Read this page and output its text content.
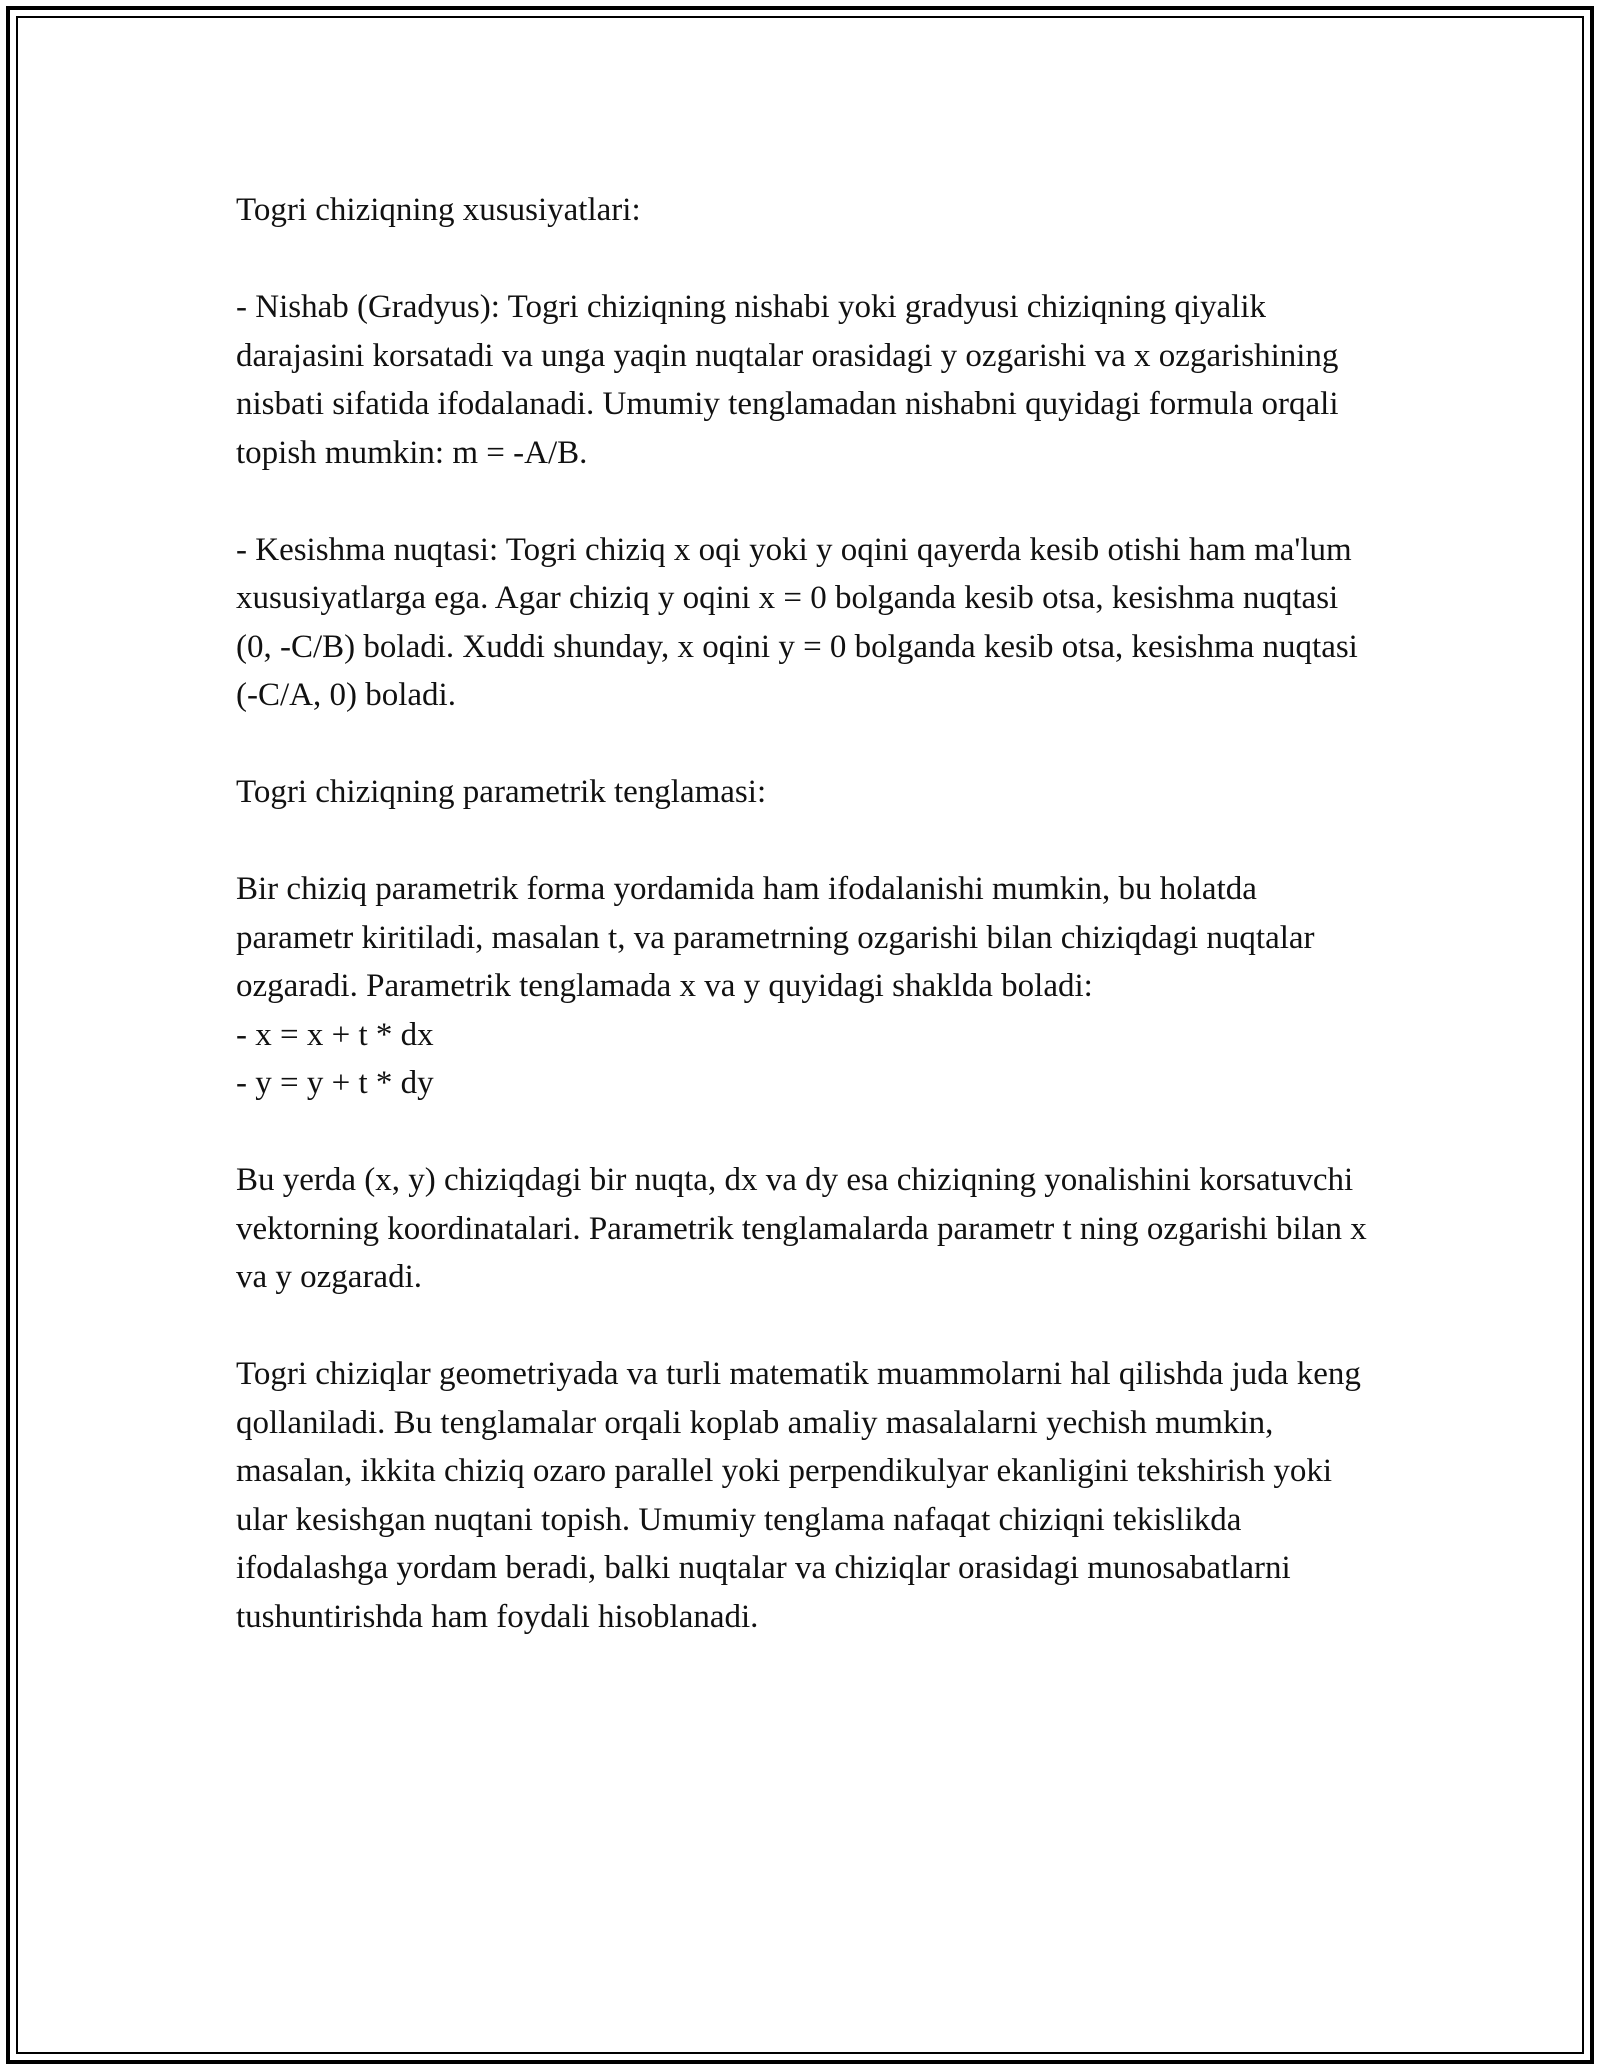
Togri chiziqning xususiyatlari:

- Nishab (Gradyus): Togri chiziqning nishabi yoki gradyusi chiziqning qiyalik darajasini korsatadi va unga yaqin nuqtalar orasidagi y ozgarishi va x ozgarishining nisbati sifatida ifodalanadi. Umumiy tenglamadan nishabni quyidagi formula orqali topish mumkin: m = -A/B.

- Kesishma nuqtasi: Togri chiziq x oqi yoki y oqini qayerda kesib otishi ham ma'lum xususiyatlarga ega. Agar chiziq y oqini x = 0 bolganda kesib otsa, kesishma nuqtasi (0, -C/B) boladi. Xuddi shunday, x oqini y = 0 bolganda kesib otsa, kesishma nuqtasi (-C/A, 0) boladi.

Togri chiziqning parametrik tenglamasi:

Bir chiziq parametrik forma yordamida ham ifodalanishi mumkin, bu holatda parametr kiritiladi, masalan t, va parametrning ozgarishi bilan chiziqdagi nuqtalar ozgaradi. Parametrik tenglamada x va y quyidagi shaklda boladi:

- x = x + t * dx

- y = y + t * dy

Bu yerda (x, y) chiziqdagi bir nuqta, dx va dy esa chiziqning yonalishini korsatuvchi vektorning koordinatalari. Parametrik tenglamalarda parametr t ning ozgarishi bilan x va y ozgaradi.

Togri chiziqlar geometriyada va turli matematik muammolarni hal qilishda juda keng qollaniladi. Bu tenglamalar orqali koplab amaliy masalalarni yechish mumkin, masalan, ikkita chiziq ozaro parallel yoki perpendikulyar ekanligini tekshirish yoki ular kesishgan nuqtani topish. Umumiy tenglama nafaqat chiziqni tekislikda ifodalashga yordam beradi, balki nuqtalar va chiziqlar orasidagi munosabatlarni tushuntirishda ham foydali hisoblanadi.
